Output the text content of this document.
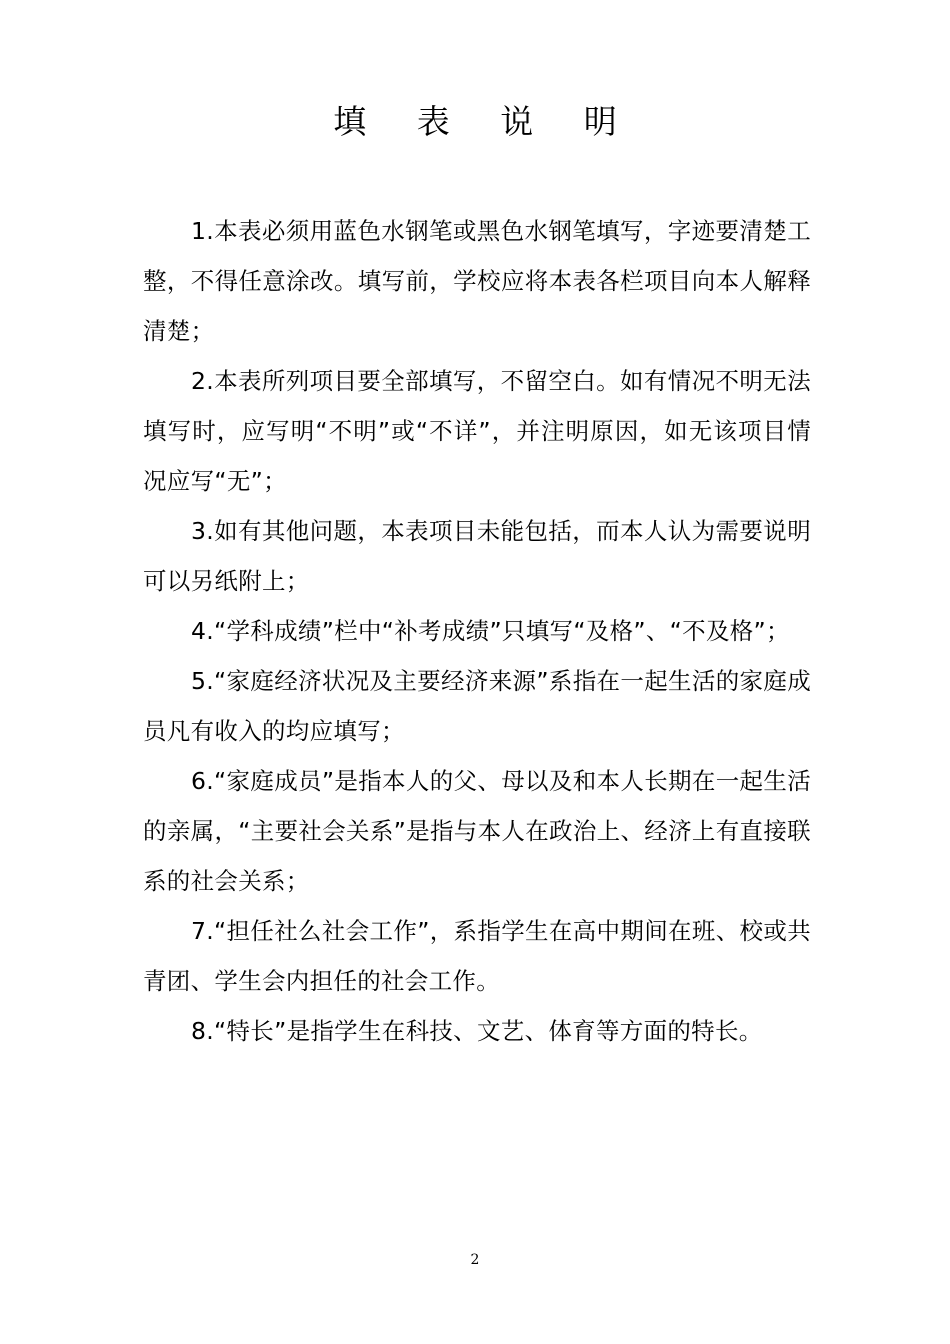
填 表 说 明

1.本表必须用蓝色水钢笔或黑色水钢笔填写，字迹要清楚工整，不得任意涂改。填写前，学校应将本表各栏项目向本人解释清楚；

2.本表所列项目要全部填写，不留空白。如有情况不明无法填写时，应写明“不明”或“不详”，并注明原因，如无该项目情况应写“无”；

3.如有其他问题，本表项目未能包括，而本人认为需要说明可以另纸附上；

4.“学科成绩”栏中“补考成绩”只填写“及格”、“不及格”；

5.“家庭经济状况及主要经济来源”系指在一起生活的家庭成员凡有收入的均应填写；

6.“家庭成员”是指本人的父、母以及和本人长期在一起生活的亲属，“主要社会关系”是指与本人在政治上、经济上有直接联系的社会关系；

7.“担任社么社会工作”，系指学生在高中期间在班、校或共青团、学生会内担任的社会工作。

8.“特长”是指学生在科技、文艺、体育等方面的特长。

2
